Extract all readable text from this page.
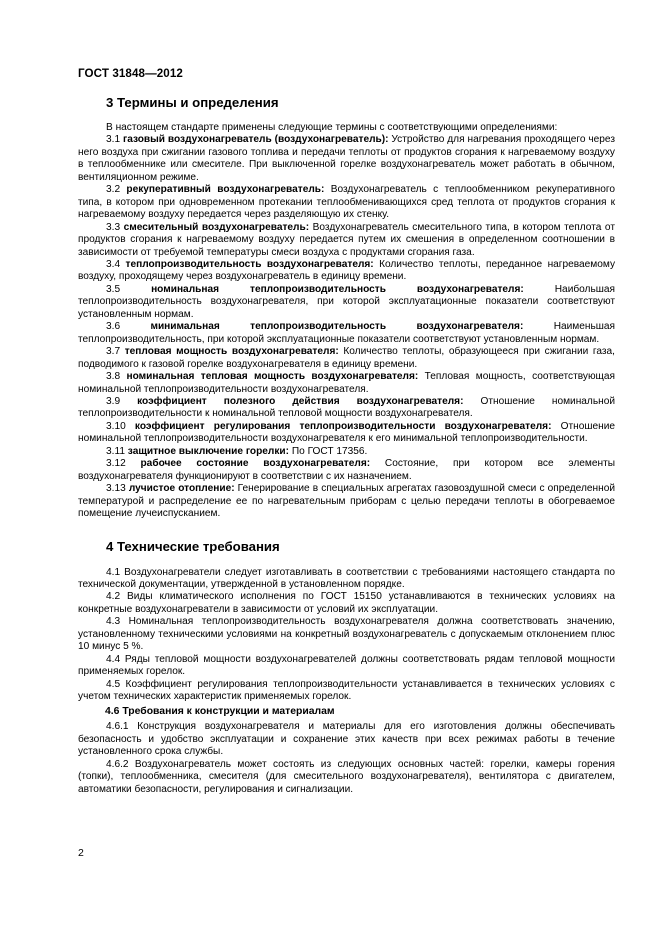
ГОСТ 31848—2012
3 Термины и определения

В настоящем стандарте применены следующие термины с соответствующими определениями:

3.1 газовый воздухонагреватель (воздухонагреватель): Устройство для нагревания проходящего через него воздуха при сжигании газового топлива и передачи теплоты от продуктов сгорания к нагреваемому воздуху в теплообменнике или смесителе. При выключенной горелке воздухонагреватель может работать в обычном, вентиляционном режиме.

3.2 рекуперативный воздухонагреватель: Воздухонагреватель с теплообменником рекуперативного типа, в котором при одновременном протекании теплообменивающихся сред теплота от продуктов сгорания к нагреваемому воздуху передается через разделяющую их стенку.

3.3 смесительный воздухонагреватель: Воздухонагреватель смесительного типа, в котором теплота от продуктов сгорания к нагреваемому воздуху передается путем их смешения в определенном соотношении в зависимости от требуемой температуры смеси воздуха с продуктами сгорания газа.

3.4 теплопроизводительность воздухонагревателя: Количество теплоты, переданное нагреваемому воздуху, проходящему через воздухонагреватель в единицу времени.

3.5	номинальная теплопроизводительность воздухонагревателя: Наибольшая теплопроизводительность воздухонагревателя, при которой эксплуатационные показатели соответствуют установленным нормам.

3.6	минимальная теплопроизводительность воздухонагревателя: Наименьшая теплопроизводительность, при которой эксплуатационные показатели соответствуют установленным нормам.

3.7 тепловая мощность воздухонагревателя: Количество теплоты, образующееся при сжигании газа, подводимого к газовой горелке воздухонагревателя в единицу времени.

3.8 номинальная тепловая мощность воздухонагревателя: Тепловая мощность, соответствующая номинальной теплопроизводительности воздухонагревателя.

3.9 коэффициент полезного действия воздухонагревателя: Отношение номинальной теплопроизводительности к номинальной тепловой мощности воздухонагревателя.

3.10 коэффициент регулирования теплопроизводительности воздухонагревателя: Отношение номинальной теплопроизводительности воздухонагревателя к его минимальной теплопроизводительности.

3.11 защитное выключение горелки: По ГОСТ 17356.

3.12 рабочее состояние воздухонагревателя: Состояние, при котором все элементы воздухонагревателя функционируют в соответствии с их назначением.

3.13 лучистое отопление: Генерирование в специальных агрегатах газовоздушной смеси с определенной температурой и распределение ее по нагревательным приборам с целью передачи теплоты в обогреваемое помещение лучеиспусканием.

4 Технические требования

4.1 Воздухонагреватели следует изготавливать в соответствии с требованиями настоящего стандарта по технической документации, утвержденной в установленном порядке.

4.2 Виды климатического исполнения по ГОСТ 15150 устанавливаются в технических условиях на конкретные воздухонагреватели в зависимости от условий их эксплуатации.

4.3 Номинальная теплопроизводительность воздухонагревателя должна соответствовать значению, установленному техническими условиями на конкретный воздухонагреватель с допускаемым отклонением плюс 10 минус 5 %.

4.4 Ряды тепловой мощности воздухонагревателей должны соответствовать рядам тепловой мощности применяемых горелок.

4.5 Коэффициент регулирования теплопроизводительности устанавливается в технических условиях с учетом технических характеристик применяемых горелок.

4.6 Требования к конструкции и материалам

4.6.1 Конструкция воздухонагревателя и материалы для его изготовления должны обеспечивать безопасность и удобство эксплуатации и сохранение этих качеств при всех режимах работы в течение установленного срока службы.

4.6.2 Воздухонагреватель может состоять из следующих основных частей: горелки, камеры горения (топки), теплообменника, смесителя (для смесительного воздухонагревателя), вентилятора с двигателем, автоматики безопасности, регулирования и сигнализации.

2
